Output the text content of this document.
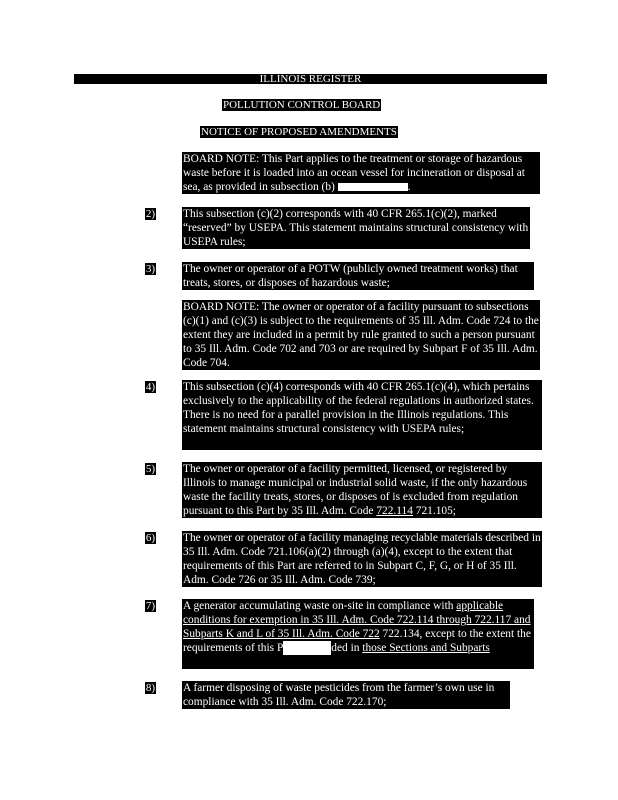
ILLINOIS REGISTER
POLLUTION CONTROL BOARD
NOTICE OF PROPOSED AMENDMENTS
BOARD NOTE: This Part applies to the treatment or storage of hazardous waste before it is loaded into an ocean vessel for incineration or disposal at sea, as provided in subsection (b)	.
2) This subsection (c)(2) corresponds with 40 CFR 265.1(c)(2), marked “reserved” by USEPA. This statement maintains structural consistency with USEPA rules;
3) The owner or operator of a POTW (publicly owned treatment works) that treats, stores, or disposes of hazardous waste;
BOARD NOTE: The owner or operator of a facility pursuant to subsections (c)(1) and (c)(3) is subject to the requirements of 35 Ill. Adm. Code 724 to the extent they are included in a permit by rule granted to such a person pursuant to 35 Ill. Adm. Code 702 and 703 or are required by Subpart F of 35 Ill. Adm. Code 704.
4) This subsection (c)(4) corresponds with 40 CFR 265.1(c)(4), which pertains exclusively to the applicability of the federal regulations in authorized states. There is no need for a parallel provision in the Illinois regulations. This statement maintains structural consistency with USEPA rules;
5) The owner or operator of a facility permitted, licensed, or registered by Illinois to manage municipal or industrial solid waste, if the only hazardous waste the facility treats, stores, or disposes of is excluded from regulation pursuant to this Part by 35 Ill. Adm. Code 722.114 721.105;
6) The owner or operator of a facility managing recyclable materials described in 35 Ill. Adm. Code 721.106(a)(2) through (a)(4), except to the extent that requirements of this Part are referred to in Subpart C, F, G, or H of 35 Ill. Adm. Code 726 or 35 Ill. Adm. Code 739;
7) A generator accumulating waste on-site in compliance with applicable conditions for exemption in 35 Ill. Adm. Code 722.114 through 722.117 and Subparts K and L of 35 Ill. Adm. Code 722 722.134, except to the extent the requirements of this P	ded in those Sections and Subparts
8) A farmer disposing of waste pesticides from the farmer’s own use in compliance with 35 Ill. Adm. Code 722.170;
